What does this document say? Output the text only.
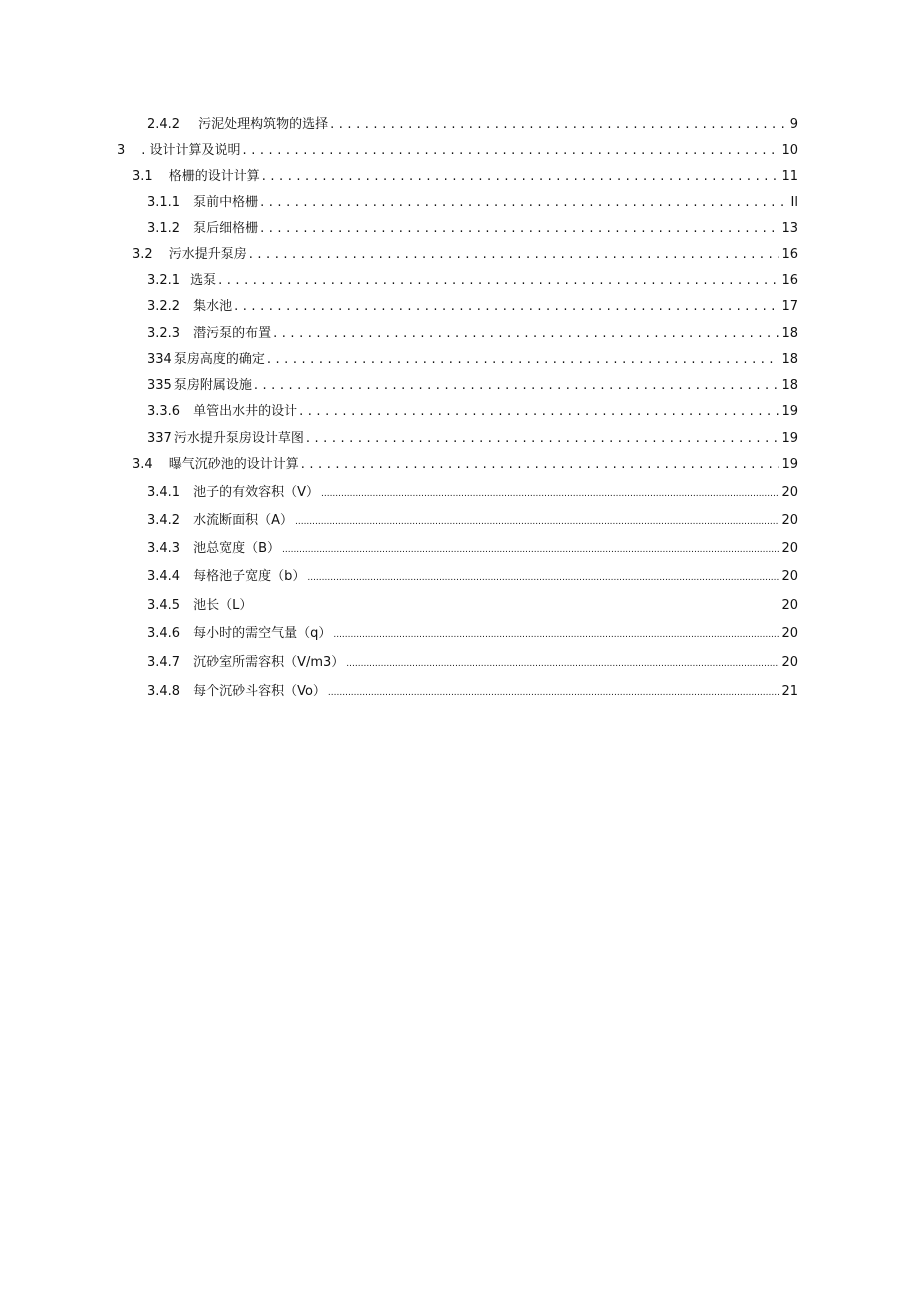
2.4.2 污泥处理构筑物的选择 . . .	9
3 . 设计计算及说明 . . .	10
3.1 格栅的设计计算 . . .	11
3.1.1 泵前中格栅 . . .	Il
3.1.2 泵后细格栅 . . .	13
3.2 污水提升泵房 . . .	16
3.2.1 选泵 . . .	16
3.2.2 集水池 . . .	17
3.2.3 潜污泵的布置 . . .	18
334 泵房高度的确定 . . .	18
335 泵房附属设施 . . .	18
3.3.6 单管出水井的设计 . . .	19
337 污水提升泵房设计草图 . . .	19
3.4 曝气沉砂池的设计计算 . . .	19
3.4.1 池子的有效容积（V） .....	20
3.4.2 水流断面积（A） .....	20
3.4.3 池总宽度（B） .....	20
3.4.4 每格池子宽度（b） .....	20
3.4.5 池长（L）	20
3.4.6 每小时的需空气量（q） .....	20
3.4.7 沉砂室所需容积（V/m3） .....	20
3.4.8 每个沉砂斗容积（Vo） .....	21
